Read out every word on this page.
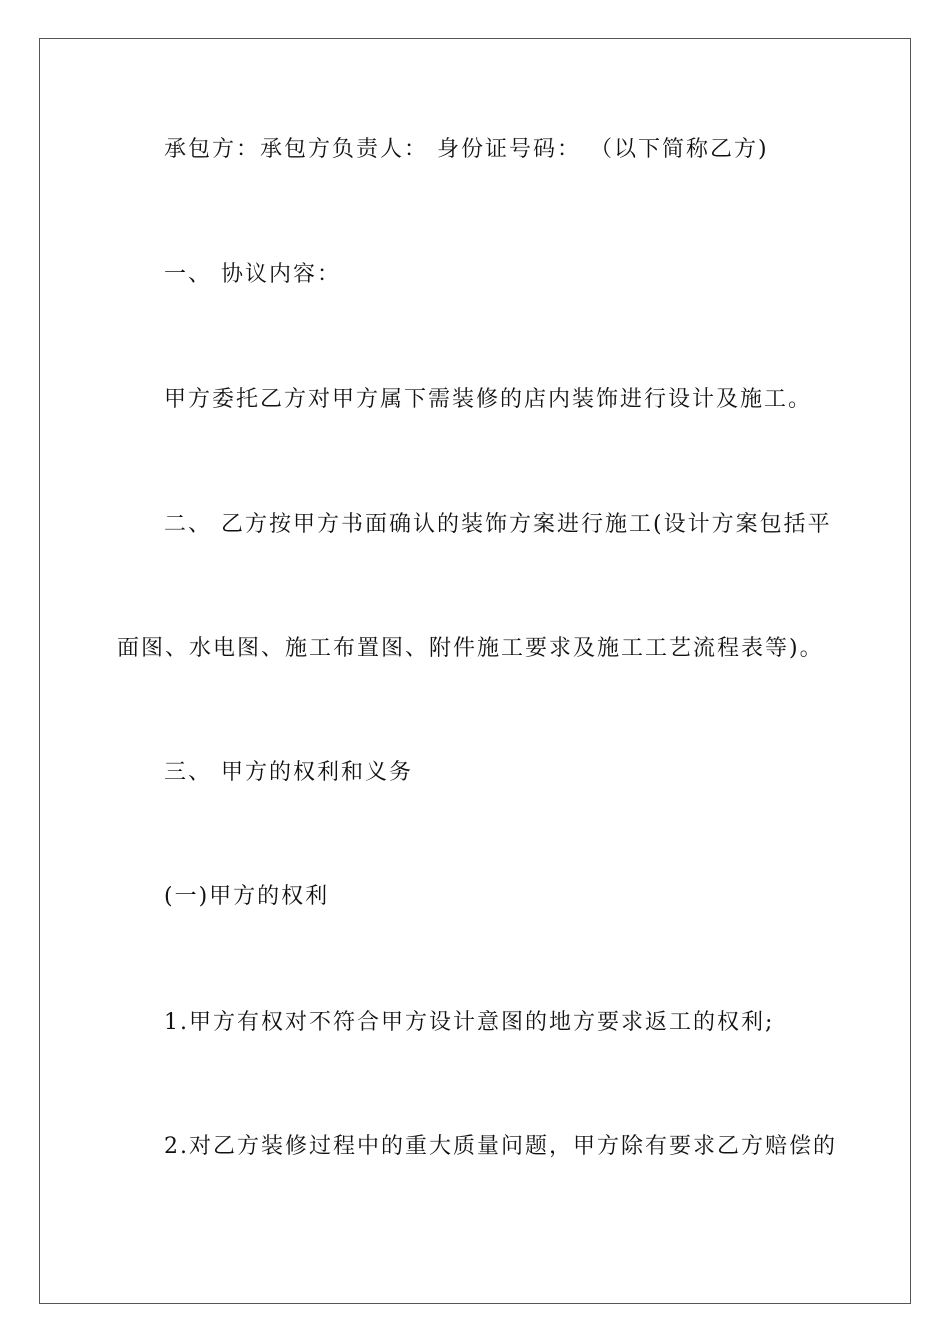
承包方：承包方负责人： 身份证号码： （以下简称乙方)
一、 协议内容：
甲方委托乙方对甲方属下需装修的店内装饰进行设计及施工。
二、 乙方按甲方书面确认的装饰方案进行施工(设计方案包括平
面图、水电图、施工布置图、附件施工要求及施工工艺流程表等)。
三、 甲方的权利和义务
(一)甲方的权利
1.甲方有权对不符合甲方设计意图的地方要求返工的权利;
2.对乙方装修过程中的重大质量问题，甲方除有要求乙方赔偿的
